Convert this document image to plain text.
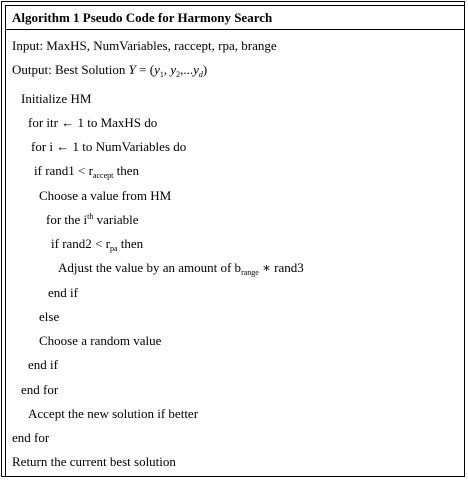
Algorithm 1 Pseudo Code for Harmony Search
Input: MaxHS, NumVariables, raccept, rpa, brange
Output: Best Solution $Y = (y_1$, $y_2,...y_d$)
Initialize HM
for itr ← 1 to MaxHS do
for i ← 1 to NumVariables do
if rand1 < $r_{accept}$ then
Choose a value from HM
for the $i^{th}$ variable
if rand2 < $r_{pa}$ then
Adjust the value by an amount of $b_{range}$ ∗ rand3
end if
else
Choose a random value
end if
end for
Accept the new solution if better
end for
Return the current best solution
